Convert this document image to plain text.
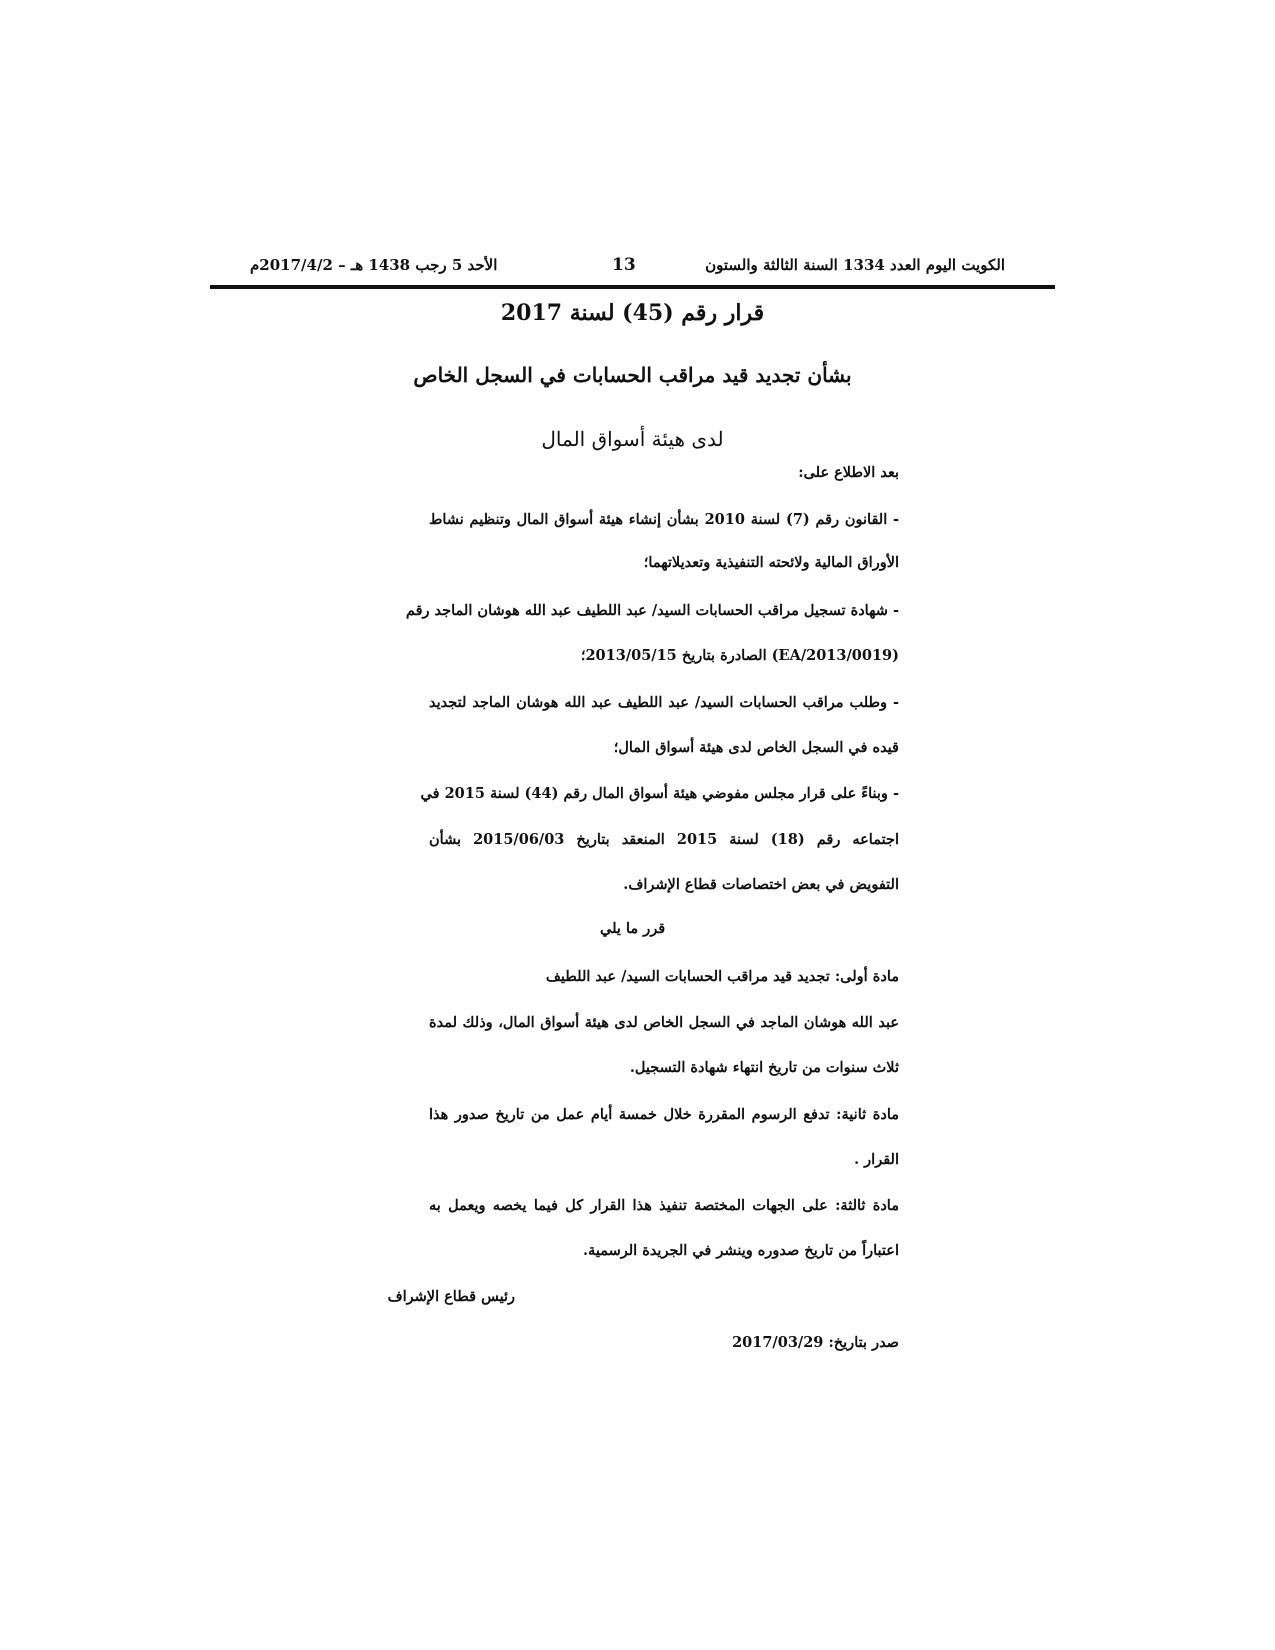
الكويت اليوم العدد 1334 السنة الثالثة والستون
13
الأحد 5 رجب 1438 هـ – 2017/4/2م
قرار رقم (45) لسنة 2017
بشأن تجديد قيد مراقب الحسابات في السجل الخاص
لدى هيئة أسواق المال
بعد الاطلاع على:
- القانون رقم (7) لسنة 2010 بشأن إنشاء هيئة أسواق المال وتنظيم نشاط
الأوراق المالية ولائحته التنفيذية وتعديلاتهما؛
- شهادة تسجيل مراقب الحسابات السيد/ عبد اللطيف عبد الله هوشان الماجد رقم
(EA/2013/0019) الصادرة بتاريخ 2013/05/15؛
- وطلب مراقب الحسابات السيد/ عبد اللطيف عبد الله هوشان الماجد لتجديد
قيده في السجل الخاص لدى هيئة أسواق المال؛
- وبناءً على قرار مجلس مفوضي هيئة أسواق المال رقم (44) لسنة 2015 في
اجتماعه رقم (18) لسنة 2015 المنعقد بتاريخ 2015/06/03 بشأن
التفويض في بعض اختصاصات قطاع الإشراف.
قرر ما يلي
مادة أولى: تجديد قيد مراقب الحسابات السيد/ عبد اللطيف
عبد الله هوشان الماجد في السجل الخاص لدى هيئة أسواق المال، وذلك لمدة
ثلاث سنوات من تاريخ انتهاء شهادة التسجيل.
مادة ثانية: تدفع الرسوم المقررة خلال خمسة أيام عمل من تاريخ صدور هذا
القرار .
مادة ثالثة: على الجهات المختصة تنفيذ هذا القرار كل فيما يخصه ويعمل به
اعتباراً من تاريخ صدوره وينشر في الجريدة الرسمية.
رئيس قطاع الإشراف
صدر بتاريخ: 2017/03/29
